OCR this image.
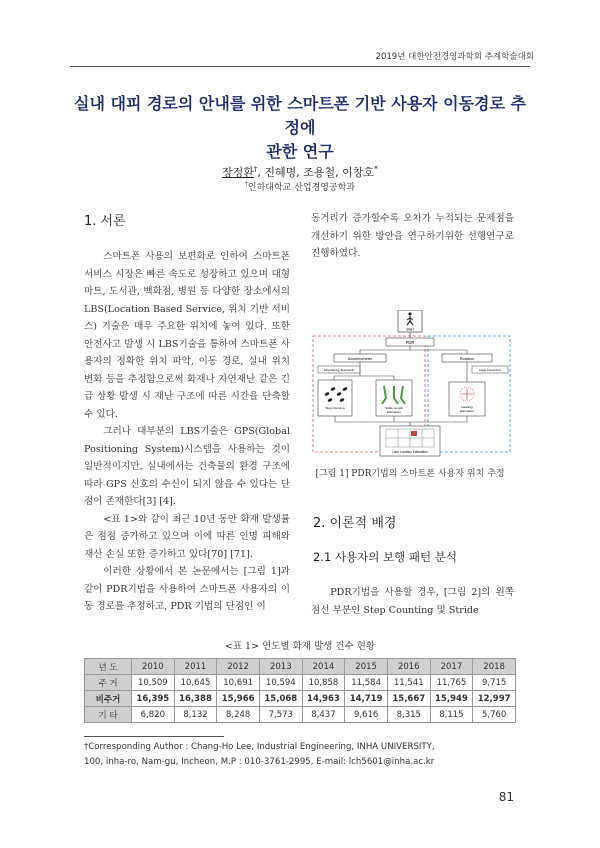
2019년 대한안전경영과학회 추계학술대회
실내 대피 경로의 안내를 위한 스마트폰 기반 사용자 이동경로 추정에
관한 연구
장정환†, 진혜명, 조용철, 이창호*
†인하대학교 산업경영공학과
1. 서론

스마트폰 사용의 보편화로 인하여 스마트폰 서비스 시장은 빠른 속도로 성장하고 있으며 대형마트, 도서관, 백화점, 병원 등 다양한 장소에서의 LBS(Location Based Service, 위치 기반 서비스) 기술은 매우 주요한 위치에 놓여 있다. 또한 안전사고 발생 시 LBS기술을 통하여 스마트폰 사용자의 정확한 위치 파악, 이동 경로, 실내 위치 변화 등을 추정함으로써 화재나 자연재난 같은 긴급 상황 발생 시 재난 구조에 따른 시간을 단축할 수 있다.

그러나 대부분의 LBS기술은 GPS(Global Positioning System)시스템을 사용하는 것이 일반적이지만, 실내에서는 건축물의 환경 구조에 따라 GPS 신호의 수신이 되지 않을 수 있다는 단점이 존재한다[3] [4].

<표 1>와 같이 최근 10년 동안 화재 발생률은 점점 증가하고 있으며 이에 따른 인명 피해와 재산 손실 또한 증가하고 있다[70] [71].

이러한 상황에서 본 논문에서는 [그림 1]과 같이 PDR기법을 사용하여 스마트폰 사용자의 이동 경로를 추정하고, PDR 기법의 단점인 이

동거리가 증가할수록 오차가 누적되는 문제점을 개선하기 위한 방안을 연구하기위한 선행연구로 진행하였다.

Start
PDR
Accelerometer	Rotation
Data Filtering: Butterworth	Angle Conversion
Step Counting	Stride Length
Estimation
Heading
Estimation
User Location Estimation
[그림 1] PDR기법의 스마트폰 사용자 위치 추정
2. 이론적 배경
2.1 사용자의 보행 패턴 분석

PDR기법을 사용할 경우, [그림 2]의 왼쪽 점선 부분인 Step Counting 및 Stride

<표 1> 연도별 화재 발생 건수 현황
년 도	2010	2011	2012	2013	2014	2015	2016	2017	2018
주 거	10,509	10,645	10,691	10,594	10,858	11,584	11,541	11,765	9,715
비주거	16,395	16,388	15,966	15,068	14,963	14,719	15,667	15,949	12,997
기 타	6,820	8,132	8,248	7,573	8,437	9,616	8,315	8,115	5,760
†Corresponding Author : Chang-Ho Lee, Industrial Engineering, INHA UNIVERSITY,
100, inha-ro, Nam-gu, Incheon, M.P : 010-3761-2995, E-mail: lch5601@inha.ac.kr
81
